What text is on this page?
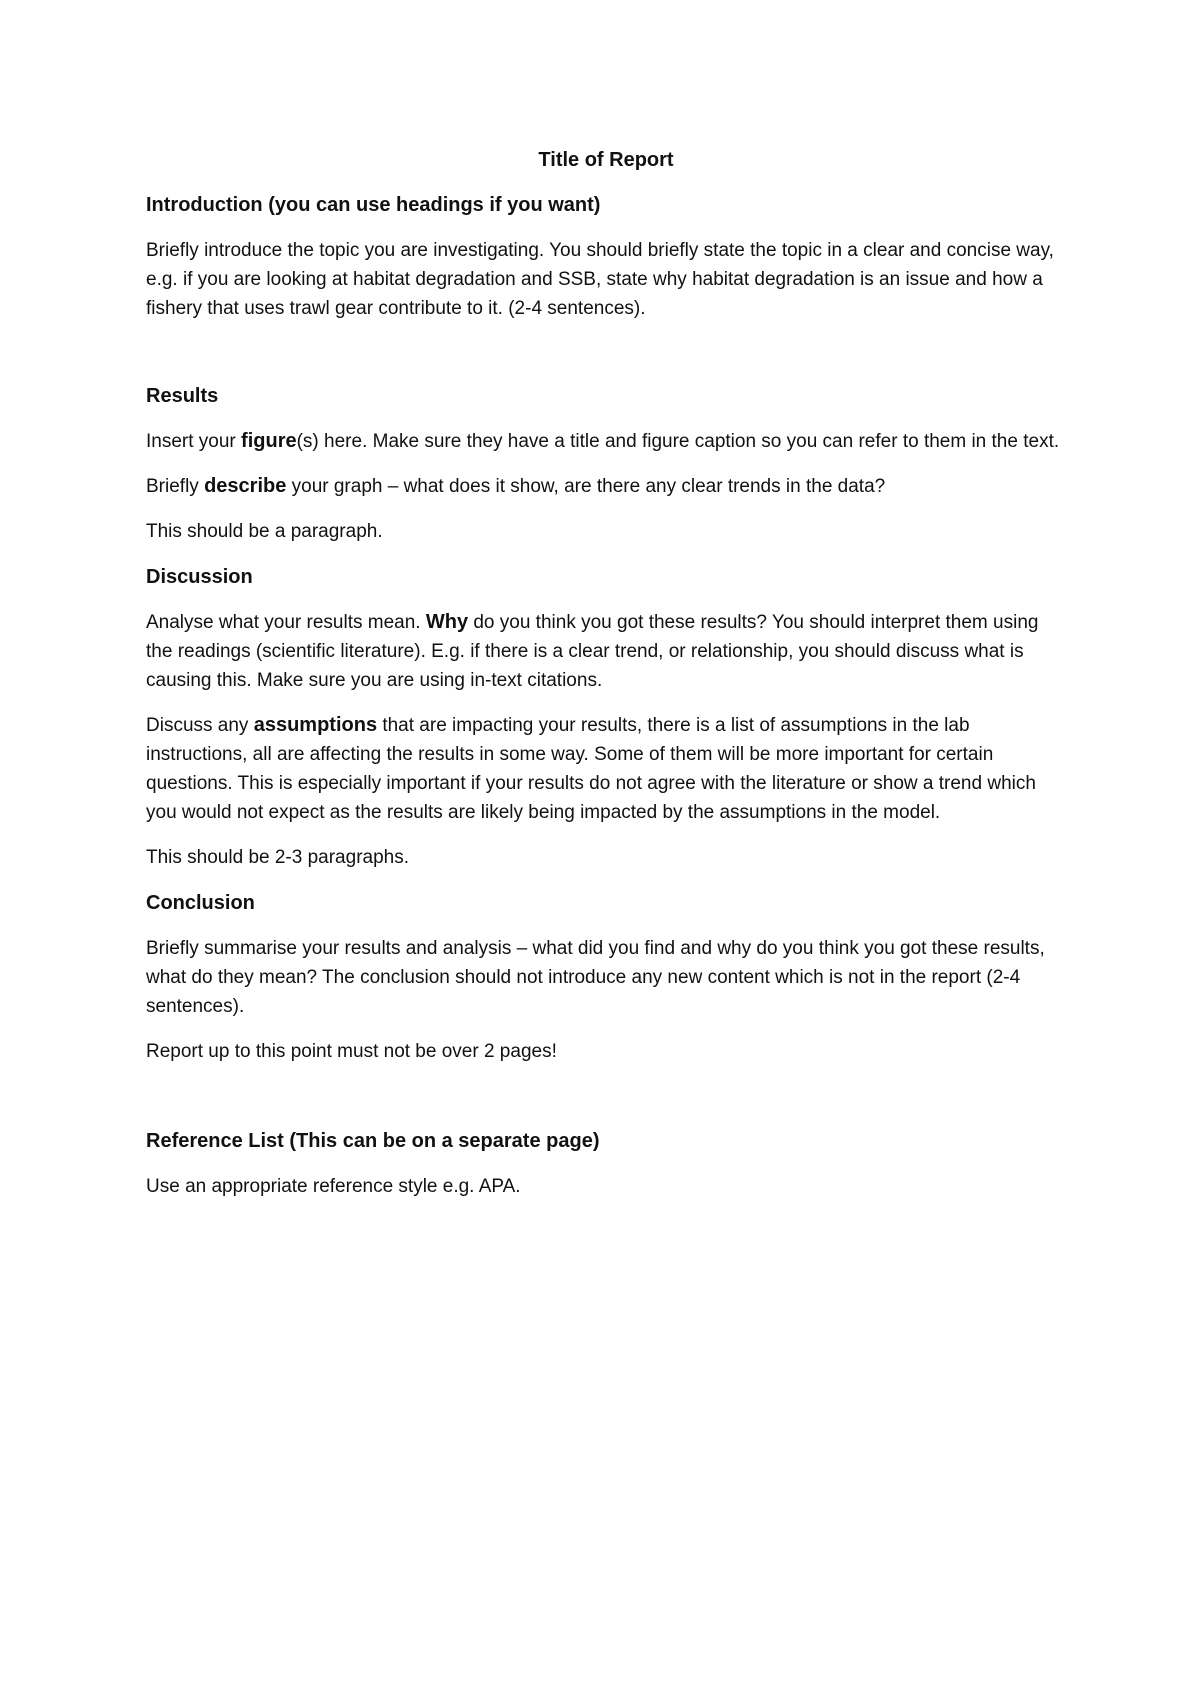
Title of Report
Introduction (you can use headings if you want)

Briefly introduce the topic you are investigating. You should briefly state the topic in a clear and concise way, e.g. if you are looking at habitat degradation and SSB, state why habitat degradation is an issue and how a fishery that uses trawl gear contribute to it. (2-4 sentences).

Results

Insert your figure(s) here. Make sure they have a title and figure caption so you can refer to them in the text.

Briefly describe your graph – what does it show, are there any clear trends in the data?

This should be a paragraph.

Discussion

Analyse what your results mean. Why do you think you got these results? You should interpret them using the readings (scientific literature). E.g. if there is a clear trend, or relationship, you should discuss what is causing this. Make sure you are using in-text citations.

Discuss any assumptions that are impacting your results, there is a list of assumptions in the lab instructions, all are affecting the results in some way. Some of them will be more important for certain questions. This is especially important if your results do not agree with the literature or show a trend which you would not expect as the results are likely being impacted by the assumptions in the model.

This should be 2-3 paragraphs.

Conclusion

Briefly summarise your results and analysis – what did you find and why do you think you got these results, what do they mean? The conclusion should not introduce any new content which is not in the report (2-4 sentences).

Report up to this point must not be over 2 pages!

Reference List (This can be on a separate page)

Use an appropriate reference style e.g. APA.
